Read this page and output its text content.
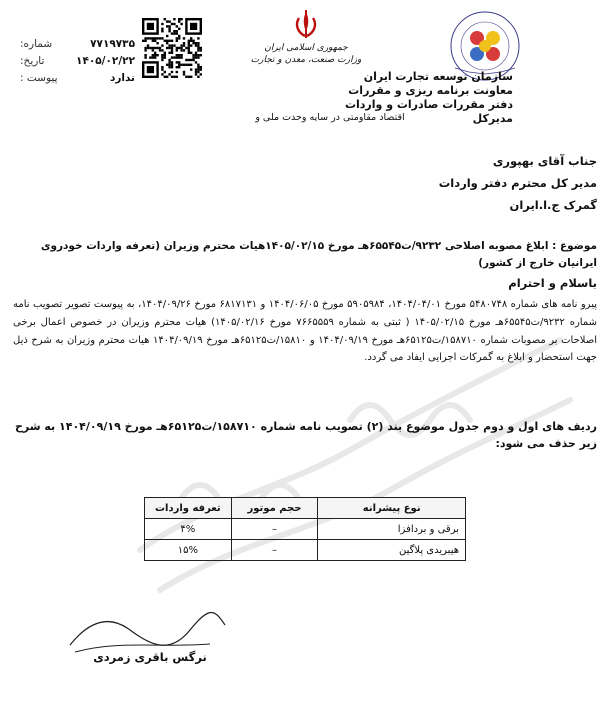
سازمان توسعه تجارت ایران
معاونت برنامه ریزی و مقررات
دفتر مقررات صادرات و واردات
مدیرکل
جمهوری اسلامی ایران
وزارت صنعت، معدن و تجارت
اقتصاد مقاومتی در سایه وحدت ملی و
۷۷۱۹۷۳۵
شماره:
۱۴۰۵/۰۲/۲۲
تاریخ:
ندارد
پیوست :
جناب آقای بهپوری
مدیر کل محترم دفتر واردات
گمرک ج.ا.ایران
موضوع : ابلاغ مصوبه اصلاحی ۹۲۳۲/ت۶۵۵۴۵هـ مورخ ۱۴۰۵/۰۲/۱۵هیات محترم وزیران (تعرفه واردات خودروی ایرانیان خارج از کشور)
باسلام و احترام
پیرو نامه های شماره ۵۴۸۰۷۴۸ مورخ ۱۴۰۴/۰۴/۰۱، ۵۹۰۵۹۸۴ مورخ ۱۴۰۴/۰۶/۰۵ و ۶۸۱۷۱۳۱ مورخ ۱۴۰۴/۰۹/۲۶، به پیوست تصویر تصویب نامه شماره ۹۲۳۲/ت۶۵۵۴۵هـ مورخ ۱۴۰۵/۰۲/۱۵ ( ثبتی به شماره ۷۶۶۵۵۵۹ مورخ ۱۴۰۵/۰۲/۱۶) هیات محترم وزیران در خصوص اعمال برخی اصلاحات بر مصوبات شماره ۱۵۸۷۱۰/ت۶۵۱۲۵هـ مورخ ۱۴۰۴/۰۹/۱۹ و ۱۵۸۱۰/ت۶۵۱۲۵هـ مورخ ۱۴۰۴/۰۹/۱۹ هیات محترم وزیران به شرح ذیل جهت استحضار و ابلاغ به گمرکات اجرایی ایفاد می گردد.
ردیف های اول و دوم جدول موضوع بند (۲) تصویب نامه شماره ۱۵۸۷۱۰/ت۶۵۱۲۵هـ مورخ ۱۴۰۴/۰۹/۱۹ به شرح زیر حذف می شود:
نوع پیشرانه	حجم موتور	تعرفه واردات
برقی و بردافزا	–	۴%
هیبریدی پلاگین	–	۱۵%
نرگس باقری زمردی
